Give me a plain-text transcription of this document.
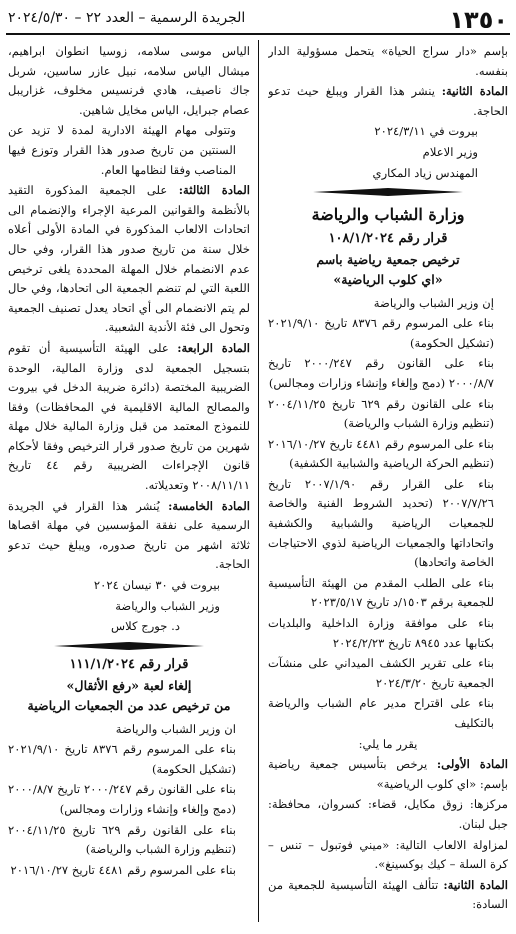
١٣٥٠
الجريدة الرسمية – العدد ٢٢ – ٢٠٢٤/٥/٣٠

بإسم «دار سراج الحياة» يتحمل مسؤولية الدار بنفسه.

المادة الثانية: ينشر هذا القرار ويبلغ حيث تدعو الحاجة.

بيروت في ٢٠٢٤/٣/١١

وزير الاعلام

المهندس زياد المكاري

وزارة الشباب والرياضة
قرار رقم ١٠٨/١/٢٠٢٤
ترخيص جمعية رياضية باسم
«اي كلوب الرياضية»

إن وزير الشباب والرياضة

بناء على المرسوم رقم ٨٣٧٦ تاريخ ٢٠٢١/٩/١٠ (تشكيل الحكومة)

بناء على القانون رقم ٢٠٠٠/٢٤٧ تاريخ ٢٠٠٠/٨/٧ (دمج وإلغاء وإنشاء وزارات ومجالس)

بناء على القانون رقم ٦٢٩ تاريخ ٢٠٠٤/١١/٢٥ (تنظيم وزارة الشباب والرياضة)

بناء على المرسوم رقم ٤٤٨١ تاريخ ٢٠١٦/١٠/٢٧ (تنظيم الحركة الرياضية والشبابية الكشفية)

بناء على القرار رقم ٢٠٠٧/١/٩٠ تاريخ ٢٠٠٧/٧/٢٦ (تحديد الشروط الفنية والخاصة للجمعيات الرياضية والشبابية والكشفية واتحاداتها والجمعيات الرياضية لذوي الاحتياجات الخاصة واتحادها)

بناء على الطلب المقدم من الهيئة التأسيسية للجمعية برقم ١٥٠٣/د تاريخ ٢٠٢٣/٥/١٧

بناء على موافقة وزارة الداخلية والبلديات بكتابها عدد ٨٩٤٥ تاريخ ٢٠٢٤/٢/٢٣

بناء على تقرير الكشف الميداني على منشآت الجمعية تاريخ ٢٠٢٤/٣/٢٠

بناء على اقتراح مدير عام الشباب والرياضة بالتكليف

يقرر ما يلي:

المادة الأولى: يرخص بتأسيس جمعية رياضية بإسم: «اي كلوب الرياضية»

مركزها: زوق مكايل، قضاء: كسروان، محافظة: جبل لبنان.

لمزاولة الالعاب التالية: «ميني فوتبول – تنس – كرة السلة – كيك بوكسينغ».

المادة الثانية: تتألف الهيئة التأسيسية للجمعية من السادة:

الياس موسى سلامه، زوسيا انطوان ابراهيم، ميشال الياس سلامه، نبيل عازر ساسين، شربل جاك ناصيف، هادي فرنسيس مخلوف، غزاريبل عصام جبرايل، الياس مخايل شاهين.

وتتولى مهام الهيئة الادارية لمدة لا تزيد عن السنتين من تاريخ صدور هذا القرار وتوزع فيها المناصب وفقا لنظامها العام.

المادة الثالثة: على الجمعية المذكورة التقيد بالأنظمة والقوانين المرعية الإجراء والإنضمام الى اتحادات الالعاب المذكورة في المادة الأولى أعلاه خلال سنة من تاريخ صدور هذا القرار، وفي حال عدم الانضمام خلال المهلة المحددة يلغى ترخيص اللعبة التي لم تنضم الجمعية الى اتحادها، وفي حال لم يتم الانضمام الى أي اتحاد يعدل تصنيف الجمعية وتحول الى فئة الأندية الشعبية.

المادة الرابعة: على الهيئة التأسيسية أن تقوم بتسجيل الجمعية لدى وزارة المالية، الوحدة الضريبية المختصة (دائرة ضريبة الدخل في بيروت والمصالح المالية الاقليمية في المحافظات) وفقا للنموذج المعتمد من قبل وزارة المالية خلال مهلة شهرين من تاريخ صدور قرار الترخيص وفقا لأحكام قانون الإجراءات الضريبية رقم ٤٤ تاريخ ٢٠٠٨/١١/١١ وتعديلاته.

المادة الخامسة: يُنشر هذا القرار في الجريدة الرسمية على نفقة المؤسسين في مهلة اقصاها ثلاثة اشهر من تاريخ صدوره، ويبلغ حيث تدعو الحاجة.

بيروت في ٣٠ نيسان ٢٠٢٤

وزير الشباب والرياضة

د. جورج كلاس

قرار رقم ١١١/١/٢٠٢٤
إلغاء لعبة «رفع الأثقال»
من ترخيص عدد من الجمعيات الرياضية

ان وزير الشباب والرياضة

بناء على المرسوم رقم ٨٣٧٦ تاريخ ٢٠٢١/٩/١٠ (تشكيل الحكومة)

بناء على القانون رقم ٢٠٠٠/٢٤٧ تاريخ ٢٠٠٠/٨/٧ (دمج وإلغاء وإنشاء وزارات ومجالس)

بناء على القانون رقم ٦٢٩ تاريخ ٢٠٠٤/١١/٢٥ (تنظيم وزارة الشباب والرياضة)

بناء على المرسوم رقم ٤٤٨١ تاريخ ٢٠١٦/١٠/٢٧
